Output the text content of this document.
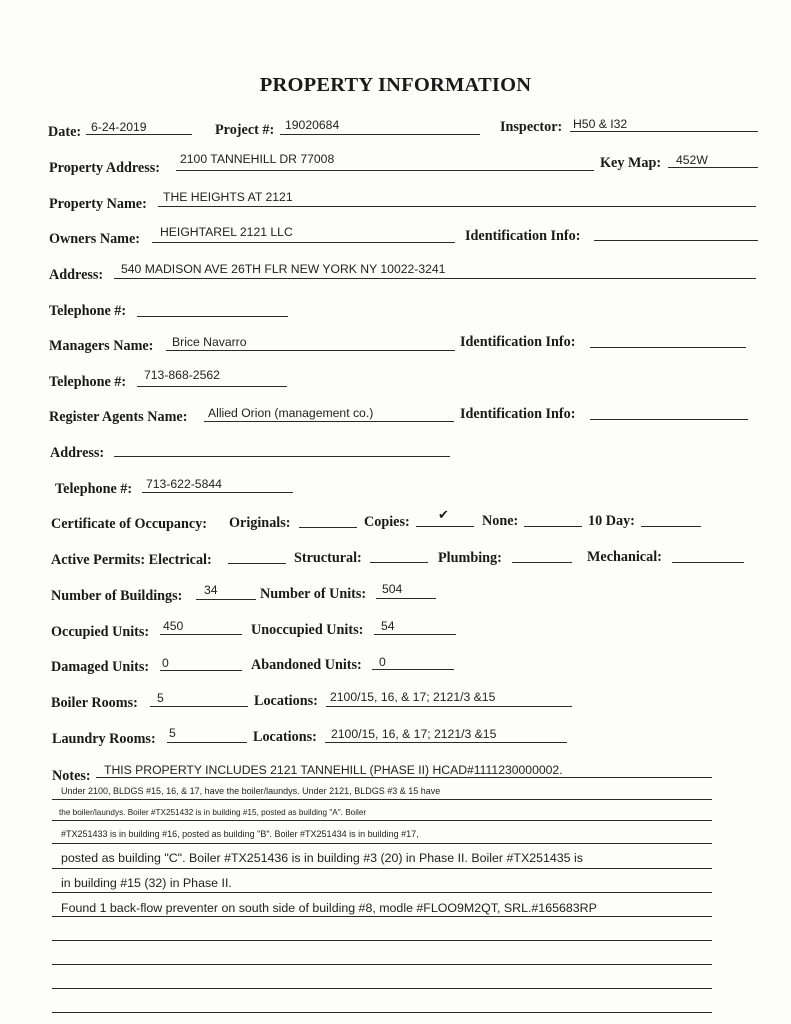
PROPERTY INFORMATION
Date: 6-24-2019	Project #: 19020684	Inspector: H50 & I32
Property Address:
2100 TANNEHILL DR 77008	Key Map: 452W
Property Name: THE HEIGHTS AT 2121
Owners Name: HEIGHTAREL 2121 LLC	Identification Info:
Address: 540 MADISON AVE 26TH FLR NEW YORK NY 10022-3241
Telephone #:
Managers Name: Brice Navarro	Identification Info:
Telephone #: 713-868-2562
Register Agents Name: Allied Orion (management co.)	Identification Info:
Address:
Telephone #: 713-622-5844
Certificate of Occupancy: Originals:	Copies: ✔ None:	10 Day:
Active Permits: Electrical:	Structural:	Plumbing:	Mechanical:
Number of Buildings: 34	Number of Units: 504
Occupied Units: 450	Unoccupied Units: 54
Damaged Units: 0	Abandoned Units: 0
Boiler Rooms: 5	Locations: 2100/15, 16, & 17; 2121/3 &15
Laundry Rooms: 5	Locations: 2100/15, 16, & 17; 2121/3 &15
Notes: THIS PROPERTY INCLUDES 2121 TANNEHILL (PHASE II) HCAD#1111230000002.
Under 2100, BLDGS #15, 16, & 17, have the boiler/laundys. Under 2121, BLDGS #3 & 15 have
the boiler/laundys. Boiler #TX251432 is in building #15, posted as building "A". Boiler
#TX251433 is in building #16, posted as building "B". Boiler #TX251434 is in building #17,
posted as building "C". Boiler #TX251436 is in building #3 (20) in Phase II. Boiler #TX251435 is
in building #15 (32) in Phase II.
Found 1 back-flow preventer on south side of building #8, modle #FLOO9M2QT, SRL.#165683RP
